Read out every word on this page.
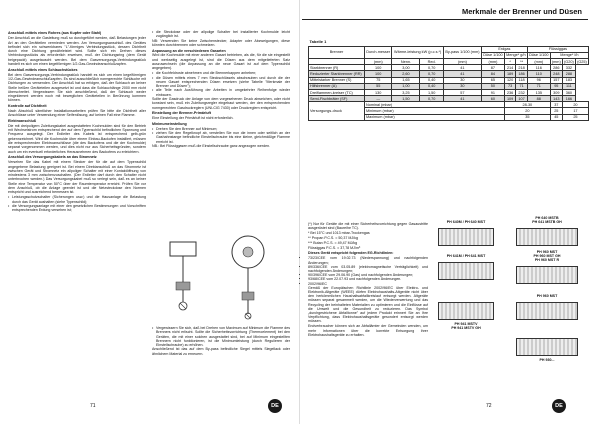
Anschluß mittels eines Rohres (aus Kupfer oder Stahl)

Der Anschluß an die Gasleitung muß so durchgeführt werden, daß Belastungen jeder Art an den Gerätteilen vermieden werden. Am Versorgungsanschluß des Gerätes befindet sich ein schwenkbares "L"-förmiges Verbindungsstück, dessen Dichtheit durch eine Dichtung gewährleistet wird. Sollte sich ein Drehen dieses Verbindungsstücks als erforderlich erweisen, muß der Dichtungsring (dem Gerät beigepackt) ausgetauscht werden. Bei dem Gasversorgungs-Verbindungsstück handelt es sich um einen kegelförmigen 1/2-Gas-Gewindeanschlußzapfen.

Anschluß mittels eines Schlauchstückes

Bei dem Gasversorgungs-Verbindungsstück handelt es sich um einen kegelförmigen 1/2-Gas-Gewindeanschlußzapfen. Es sind ausschließlich normgerechte Schläuche mit Dichtungen zu verwenden. Der Anschluß hat so erfolgen, daß der Schlauch an keiner Stelle heißen Geräteteilen ausgesetzt ist und dass die Schlauchlänge 2000 mm nicht überschreitet. Vergewissern Sie sich anschließend, daß der Schlauch weder eingeklemmt werden noch mit beweglichen Geräteteilen in Berührung kommen können.

Kontrolle auf Dichtheit

Nach Abschluß sämtlicher Installationsarbeiten prüfen Sie bitte die Dichtheit aller Anschlüsse unter Verwendung einer Seifenlösung, auf keinen Fall eine Flamme.

Elektroanschluß

Die mit dreipoligem Zuleitungskabel ausgestatteten Kochmulden sind für den Betrieb mit Wechselstrom entsprechend der auf dem Typenschild befindlichen Spannung und Frequenz ausgelegt. Der Erdleiter des Kabels ist entsprechend gelb-grün gekennzeichnet. Wird die Kochmulde über einem Einbau-Backofen installiert, müssen die entsprechenden Elektroanschlüsse (die des Backofens und die der Kochmulde) separat vorgenommen werden, und dies nicht nur aus Sicherheitsgründen, sondern auch um ein eventuell erforderliches Herausnehmen des Backofens zu erleichtern.

Anschluß des Versorgungskabels an das Stromnetz

Versehen Sie das Kabel mit einem Stecker der für die auf dem Typenschild angegebene Belastung geeignet ist. Bei einem Direktanschluß an das Stromnetz ist zwischen Gerät und Stromnetz ein allpoliger Schalter mit einer Kontaktöffnung von mindestens 3 mm zwischenzuschalten. (Der Erdleiter darf durch den Schalter nicht unterbrochen werden.) Das Versorgungskabel muß so verlegt sein, daß es an keiner Stelle eine Temperatur von 50°C über der Raumtemperatur erreicht. Prüfen Sie vor dem Anschluß, ob die Anlage geerdet ist und die Netzsteckdose den Normen entspricht und ausreichend bemessen ist.

• Leistungsschutzschalter (Sicherungen usw.) und die Hausanlage die Belastung durch das Gerät aushalten (siehe Typenschild);
• die Versorgungsanlage mit einer den gesetzlichen Bestimmungen und Vorschriften entsprechenden Erdung versehen ist;
• die Steckdose oder der allpolige Schalter bei installierter Kochmulde leicht zugänglich ist.

NB: Verwenden Sie keine Zwischenstecker, Adapter oder Abzweigungen, diese könnten durchbrennen oder schmelzen.

Anpassung an die verschiedenen Gasarten

Wird die Kochmulde mit einer anderen Gasart betrieben, als die, für die sie eingestellt und werkseitig ausgelegt ist, sind die Düsen aus dem mitgelieferten Satz auszuwechseln (die Anpassung an die neue Gasart ist auf dem Typenschild angegeben).

• die Kochfeldroste abnehmen und die Brennerkappen anheben;
• die Düsen mittels eines 7 mm Steckschlüssels abschrauben und durch die der neuen Gasart entsprechenden Düsen ersetzen (siehe Tabelle "Merkmale der Brenner und Düsen");
• alle Teile nach Ausführung der Arbeiten in umgekehrter Reihenfolge wieder einbauen.

Sollte der Gasdruck der Anlage von dem vorgesehenen Druck abweichen, oder nicht konstant sein, muß ein Zuleitungsregler eingebaut werden, der den entsprechenden normgerechten Gasdruckreglern (UNI-CIG 7430) oder Druckreglern entspricht.

Einstellung der Brenner-Primärluft

Eine Einstellung der Primärluft ist nicht erforderlich.

Minimumeinstellung

• Drehen Sie den Brenner auf Minimum;
• ziehen Sie den Regelknopf ab, verstellen Sie nun die innen oder seitlich an der Gashahnstange befindliche Einstellschraube bis eine kleine, gleichmäßige Flamme erreicht ist.

NB.: Bei Flüssiggasen muß die Einstellschraube ganz angezogen werden.

• Vergewissern Sie sich, daß bei Drehen von Maximum auf Minimum die Flamme des Brenners nicht erlischt. Sollte die Sicherheitsvorrichtung (Thermoelement) bei den Geräten, die mit einer solchen ausgestattet sind, bei auf Minimum eingestellten Brennern nicht funktionieren, ist die Minimumleistung (durch Regulieren der Einstellschraube) zu erhöhen.

Anschließend ist das auf dem By-pass befindliche Siegel mittels Siegellack oder ähnlichem Material zu erneuern.

71	DE
Merkmale der Brenner und Düsen
Tabelle 1											
Brenner	Durch-messer	Wärme-leistung kW (p.c.s.*)		By-pass 1/100 (mm)	Erdgas			Flüssiggas			
					Düse 1/100	Menge* g/h		Düse 1/100	Menge* l/h		
	(mm)	Nenn.	Red.	(mm)	(mm)	*	**	(mm)	(mm)	(G20)	(G25)
Starkbrenner (R)	100	3,00	0,70	41	87	214	218	116	286	332	
Reduzierter Starkbrenner (RR)	100	2,60	0,70	41	84	189	186	110	248	288	
Mittelstarker Brenner (S)	75	1,65	0,40	30	65	120	118	96	157	183	
Hilfsbrenner (A)	55	1,00	0,40	30	50	73	71	71	95	111	
Dreiflammen-kreiser (TC)	130	3,25	1,50	57	91	236	232	135	309	360	
Semi-Fischbräter (SF)	—	1,50	0,70	41	60	109	107	88	143	166	
Versorgungs-druck	Nominal (mbar)					28-30			37	20	
	Minimum (mbar)					20			25	17	
	Maximum (mbar)					35			45	25	

(*) Nur für Geräte die mit einer Sicherheitsvorrichtung gegen Gasaustritte ausgerüstet sind (Baureihe TC).

* Bei 15°C und 1013 mbar-Trockengas

** Propan P.C.S. = 50,37 MJ/kg

*** Butan P.C.S. = 49,47 MJ/kg

Flüssiggas P.C.S. = 37,78 MJ/m³

Dieses Gerät entspricht folgenden EG-Richtlinien:

• 73/23/CEE vom 19.02.73 (Niederspannung) und nachfolgenden Änderungen;
• 89/336/CEE vom 03.05.89 (elektromagnetische Verträglichkeit) und nachfolgenden Änderungen;
• 90/396/CEE vom 29.06.90 (Gas) und nachfolgenden Änderungen;
• 93/68/CEE vom 22.07.93 und nachfolgenden Änderungen.
• 2002/96/EC

Gemäß der Europäischen Richtlinie 2002/96/EC über Elektro- und Elektronik-Altgeräte (WEEE) dürfen Elektrohaushalts-Altgeräte nicht über den herkömmlichen Haushaltsabfallkreislauf entsorgt werden. Altgeräte müssen separat gesammelt werden, um die Wiederverwertung und das Recycling der beinhalteten Materialien zu optimieren und die Einflüsse auf die Umwelt und die Gesundheit zu reduzieren. Das Symbol „durchgestrichene Abfalltonne" auf jedem Produkt erinnert Sie an Ihre Verpflichtung, dass Elektrohaushaltsgeräte gesondert entsorgt werden müssen.

Endverbraucher können sich an Abfallämter der Gemeinden wenden, um mehr Informationen über die korrekte Entsorgung ihrer Elektrohaushaltsgeräte zu erhalten.

PH 640M / PH 640 MST
PH 640 MSTB
PH 641 MSTB GH
PH 641M / PH 641 MST
PH 960 MST
PH 960 MST GH
PH 960 MST R
PH 941 MSTV
PH 941 MSTV GH
PH 960 MST
PH 930...
72	DE
